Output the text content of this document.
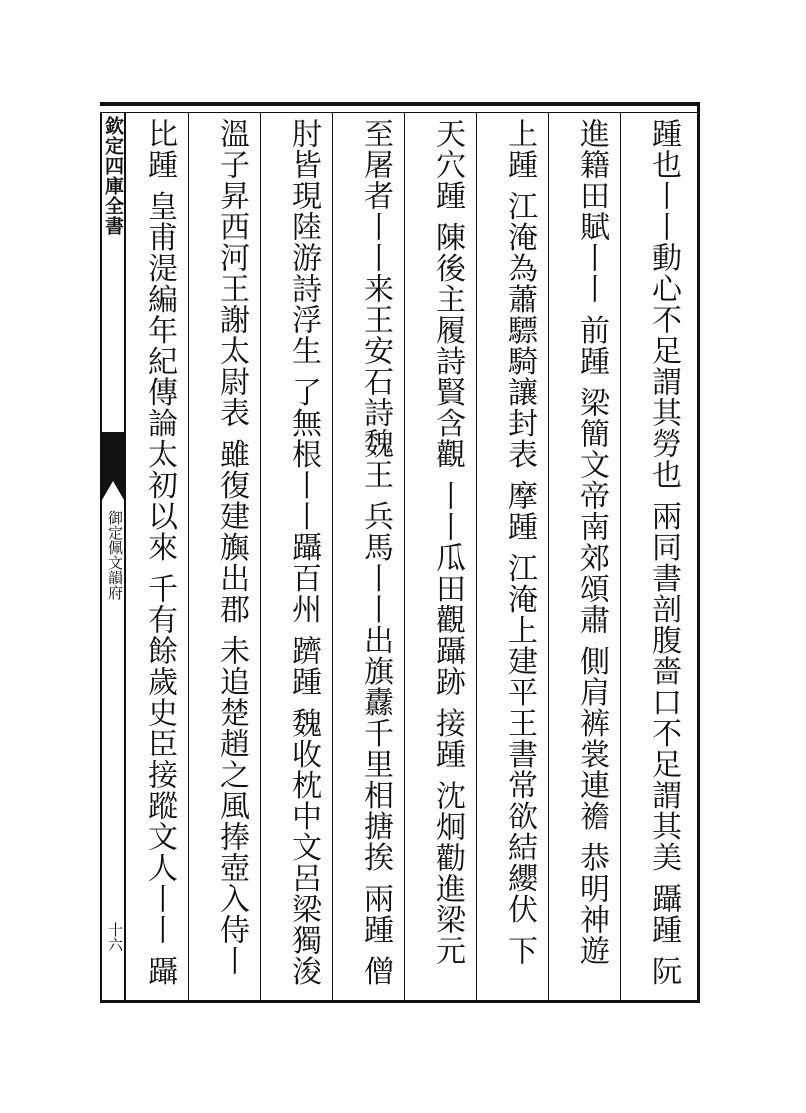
欽定四庫全書
御定佩文韻府
十六
踵也丨丨動心不足謂其勞也 兩同書剖腹嗇口不足謂其美 躡踵 阮
進籍田賦丨丨 前踵 梁簡文帝南郊頌肅 側肩裤裳連襜 恭明神遊
上踵 江淹為蕭驃騎讓封表 摩踵 江淹上建平王書常欲結纓伏 下
天穴踵 陳後主履詩賢含觀 丨丨瓜田觀躡跡 接踵 沈炯勸進梁元
至屠者丨丨来王安石詩魏王 兵馬丨丨出旗纛千里相搪挨 兩踵 僧
肘皆現陸游詩浮生 了無根丨丨躡百州 躋踵 魏收枕中文呂梁獨浚
溫子昇西河王謝太尉表 雖復建旟出郡 未追楚趙之風捧壺入侍丨
比踵 皇甫湜編年紀傳論太初以來 千有餘歲史臣接蹤文人丨丨 躡
